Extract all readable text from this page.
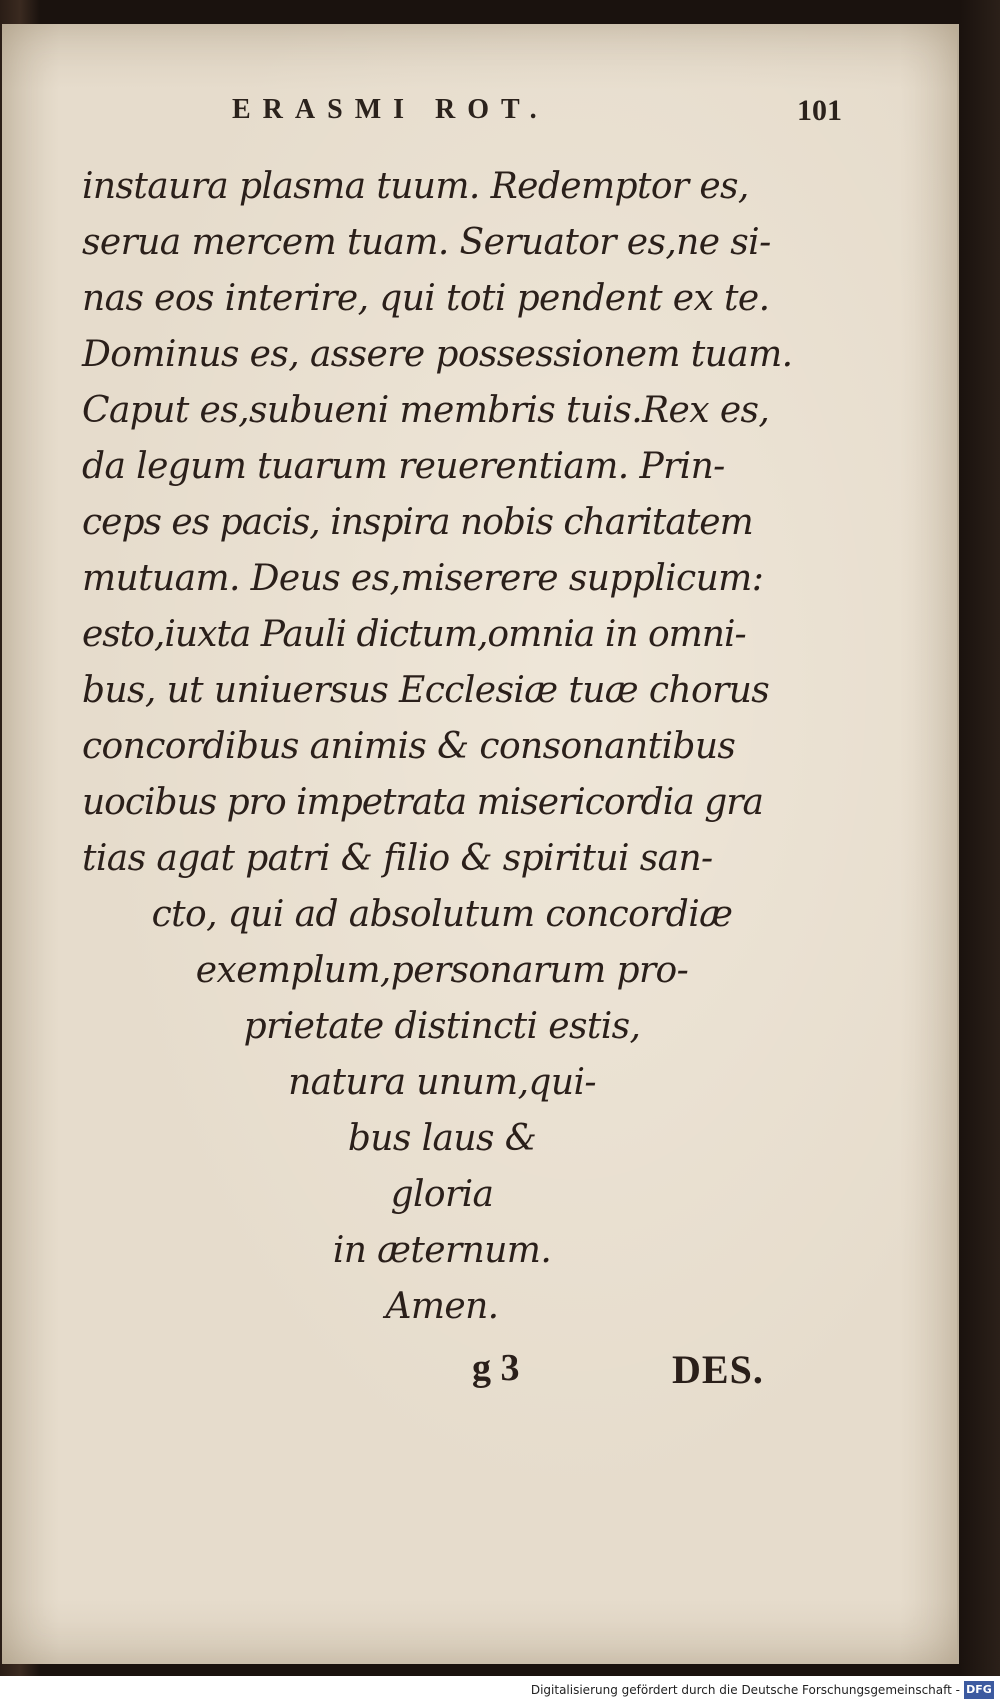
ERASMI ROT.	101
instaura plasma tuum. Redemptor es,
serua mercem tuam. Seruator es,ne si-
nas eos interire, qui toti pendent ex te.
Dominus es, assere possessionem tuam.
Caput es,subueni membris tuis.Rex es,
da legum tuarum reuerentiam. Prin-
ceps es pacis, inspira nobis charitatem
mutuam. Deus es,miserere supplicum:
esto,iuxta Pauli dictum,omnia in omni-
bus, ut uniuersus Ecclesiæ tuæ chorus
concordibus animis & consonantibus
uocibus pro impetrata misericordia gra
tias agat patri & filio & spiritui san-
cto, qui ad absolutum concordiæ
exemplum,personarum pro-
prietate distincti estis,
natura unum,qui-
bus laus &
gloria
in æternum.
Amen.
g 3	DES.
Digitalisierung gefördert durch die Deutsche Forschungsgemeinschaft - DFG
